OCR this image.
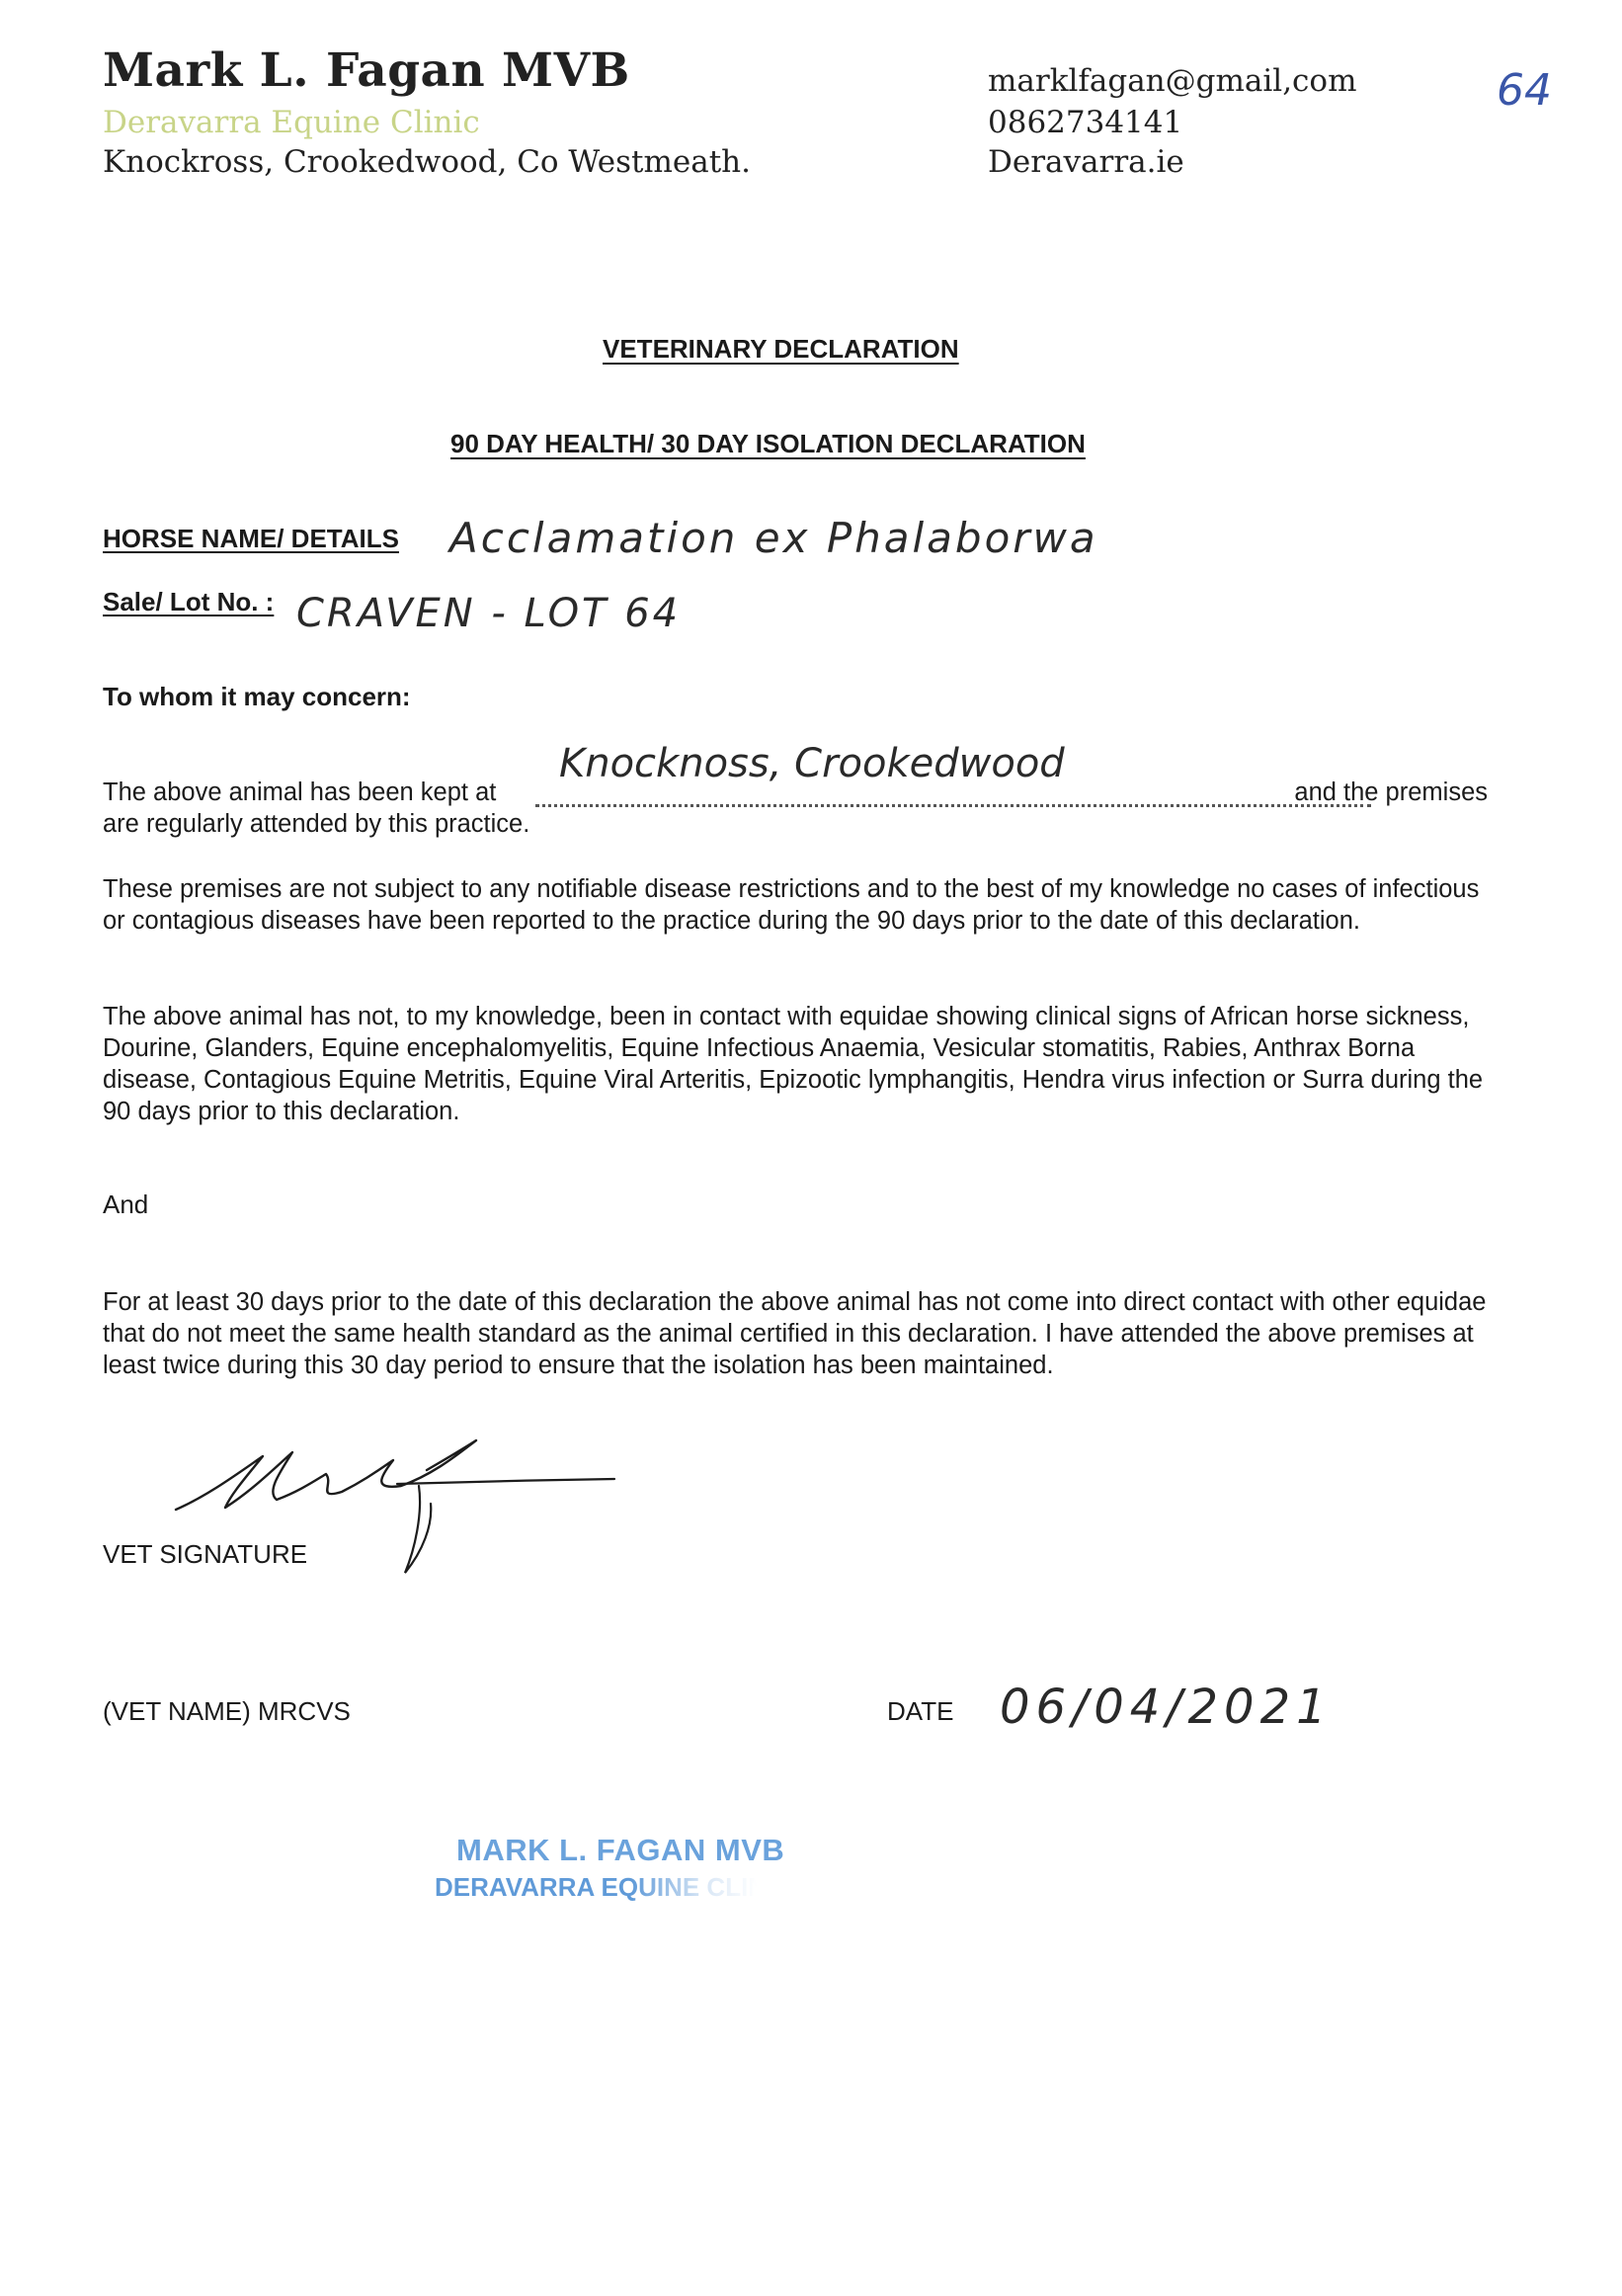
Mark L. Fagan MVB
Deravarra Equine Clinic
Knockross, Crookedwood, Co Westmeath.
marklfagan@gmail,com
0862734141
Deravarra.ie
64
VETERINARY DECLARATION
90 DAY HEALTH/ 30 DAY ISOLATION DECLARATION
HORSE NAME/ DETAILS Acclamation ex Phalaborwa
Sale/ Lot No. : CRAVEN - LOT 64
To whom it may concern:
The above animal has been kept at
Knocknoss, Crookedwood
and the premises
are regularly attended by this practice.
These premises are not subject to any notifiable disease restrictions and to the best of my knowledge no cases of infectious or contagious diseases have been reported to the practice during the 90 days prior to the date of this declaration.
The above animal has not, to my knowledge, been in contact with equidae showing clinical signs of African horse sickness, Dourine, Glanders, Equine encephalomyelitis, Equine Infectious Anaemia, Vesicular stomatitis, Rabies, Anthrax Borna disease, Contagious Equine Metritis, Equine Viral Arteritis, Epizootic lymphangitis, Hendra virus infection or Surra during the 90 days prior to this declaration.
And
For at least 30 days prior to the date of this declaration the above animal has not come into direct contact with other equidae that do not meet the same health standard as the animal certified in this declaration. I have attended the above premises at least twice during this 30 day period to ensure that the isolation has been maintained.
VET SIGNATURE
(VET NAME) MRCVS	DATE 06/04/2021
MARK L. FAGAN MVB
DERAVARRA EQUINE CLINIC
